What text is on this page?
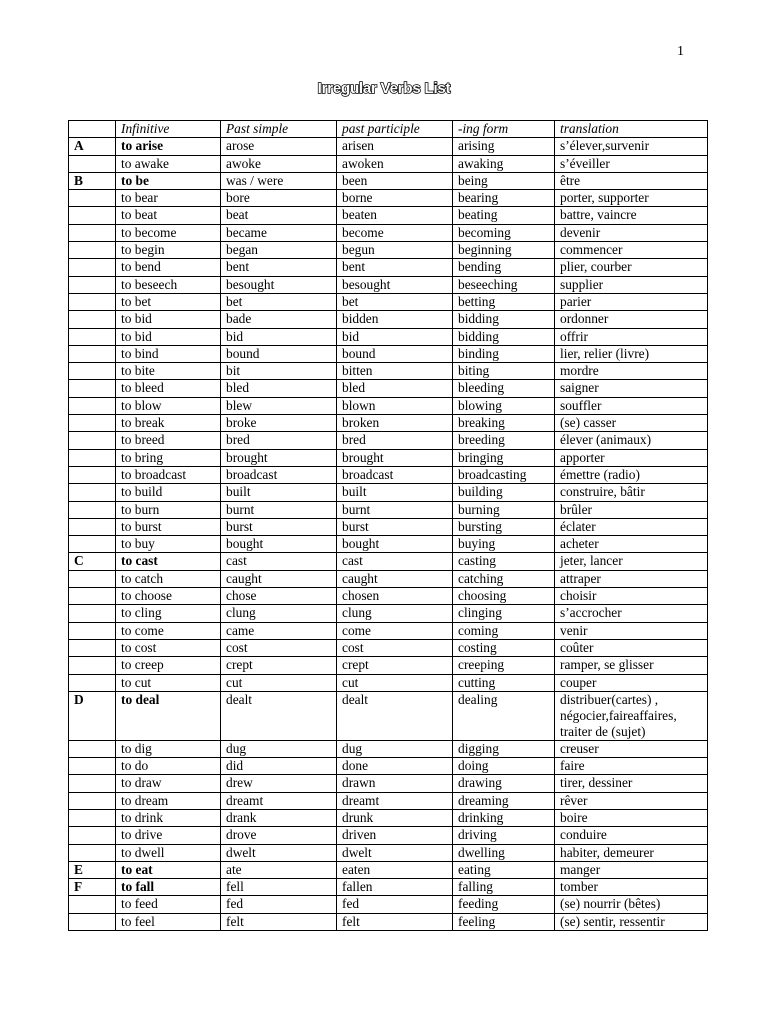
1
Irregular Verbs List
	Infinitive	Past simple	past participle	-ing form	translation
A	to arise	arose	arisen	arising	s’élever,survenir
	to awake	awoke	awoken	awaking	s’éveiller
B	to be	was / were	been	being	être
	to bear	bore	borne	bearing	porter, supporter
	to beat	beat	beaten	beating	battre, vaincre
	to become	became	become	becoming	devenir
	to begin	began	begun	beginning	commencer
	to bend	bent	bent	bending	plier, courber
	to beseech	besought	besought	beseeching	supplier
	to bet	bet	bet	betting	parier
	to bid	bade	bidden	bidding	ordonner
	to bid	bid	bid	bidding	offrir
	to bind	bound	bound	binding	lier, relier (livre)
	to bite	bit	bitten	biting	mordre
	to bleed	bled	bled	bleeding	saigner
	to blow	blew	blown	blowing	souffler
	to break	broke	broken	breaking	(se) casser
	to breed	bred	bred	breeding	élever (animaux)
	to bring	brought	brought	bringing	apporter
	to broadcast	broadcast	broadcast	broadcasting	émettre (radio)
	to build	built	built	building	construire, bâtir
	to burn	burnt	burnt	burning	brûler
	to burst	burst	burst	bursting	éclater
	to buy	bought	bought	buying	acheter
C	to cast	cast	cast	casting	jeter, lancer
	to catch	caught	caught	catching	attraper
	to choose	chose	chosen	choosing	choisir
	to cling	clung	clung	clinging	s’accrocher
	to come	came	come	coming	venir
	to cost	cost	cost	costing	coûter
	to creep	crept	crept	creeping	ramper, se glisser
	to cut	cut	cut	cutting	couper
D	to deal	dealt	dealt	dealing	distribuer(cartes) , négocier,faireaffaires, traiter de (sujet)
	to dig	dug	dug	digging	creuser
	to do	did	done	doing	faire
	to draw	drew	drawn	drawing	tirer, dessiner
	to dream	dreamt	dreamt	dreaming	rêver
	to drink	drank	drunk	drinking	boire
	to drive	drove	driven	driving	conduire
	to dwell	dwelt	dwelt	dwelling	habiter, demeurer
E	to eat	ate	eaten	eating	manger
F	to fall	fell	fallen	falling	tomber
	to feed	fed	fed	feeding	(se) nourrir (bêtes)
	to feel	felt	felt	feeling	(se) sentir, ressentir
